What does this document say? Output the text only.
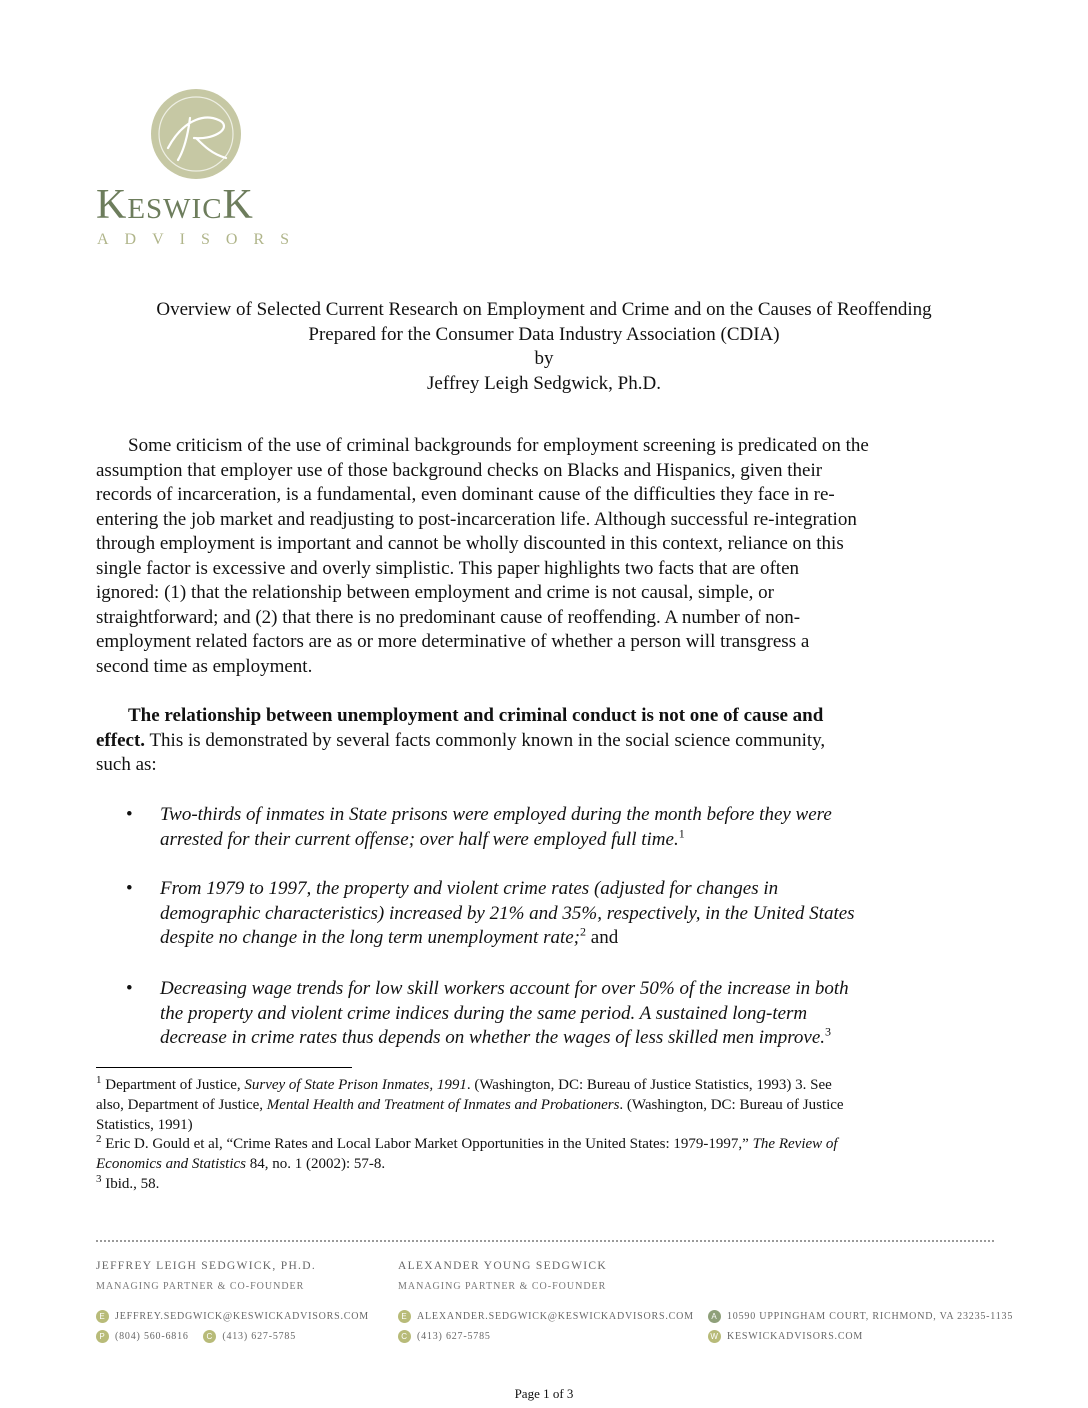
KeswicK
ADVISORS
Overview of Selected Current Research on Employment and Crime and on the Causes of Reoffending
Prepared for the Consumer Data Industry Association (CDIA)
by
Jeffrey Leigh Sedgwick, Ph.D.
Some criticism of the use of criminal backgrounds for employment screening is predicated on the
assumption that employer use of those background checks on Blacks and Hispanics, given their
records of incarceration, is a fundamental, even dominant cause of the difficulties they face in re-
entering the job market and readjusting to post-incarceration life. Although successful re-integration
through employment is important and cannot be wholly discounted in this context, reliance on this
single factor is excessive and overly simplistic. This paper highlights two facts that are often
ignored: (1) that the relationship between employment and crime is not causal, simple, or
straightforward; and (2) that there is no predominant cause of reoffending. A number of non-
employment related factors are as or more determinative of whether a person will transgress a
second time as employment.
The relationship between unemployment and criminal conduct is not one of cause and
effect. This is demonstrated by several facts commonly known in the social science community,
such as:
• Two-thirds of inmates in State prisons were employed during the month before they were
arrested for their current offense; over half were employed full time.$^1$
• From 1979 to 1997, the property and violent crime rates (adjusted for changes in
demographic characteristics) increased by 21% and 35%, respectively, in the United States
despite no change in the long term unemployment rate;$^2$ and
• Decreasing wage trends for low skill workers account for over 50% of the increase in both
the property and violent crime indices during the same period. A sustained long-term
decrease in crime rates thus depends on whether the wages of less skilled men improve.$^3$
$^1$ Department of Justice, Survey of State Prison Inmates, 1991. (Washington, DC: Bureau of Justice Statistics, 1993) 3. See
also, Department of Justice, Mental Health and Treatment of Inmates and Probationers. (Washington, DC: Bureau of Justice
Statistics, 1991)
$^2$ Eric D. Gould et al, “Crime Rates and Local Labor Market Opportunities in the United States: 1979-1997,” The Review of
Economics and Statistics 84, no. 1 (2002): 57-8.
$^3$ Ibid., 58.
JEFFREY LEIGH SEDGWICK, PH.D.
MANAGING PARTNER & CO-FOUNDER
E JEFFREY.SEDGWICK@KESWICKADVISORS.COM
P (804) 560-6816 C (413) 627-5785
ALEXANDER YOUNG SEDGWICK
MANAGING PARTNER & CO-FOUNDER
E ALEXANDER.SEDGWICK@KESWICKADVISORS.COM
C (413) 627-5785
A 10590 UPPINGHAM COURT, RICHMOND, VA 23235-1135
W KESWICKADVISORS.COM
Page 1 of 3
